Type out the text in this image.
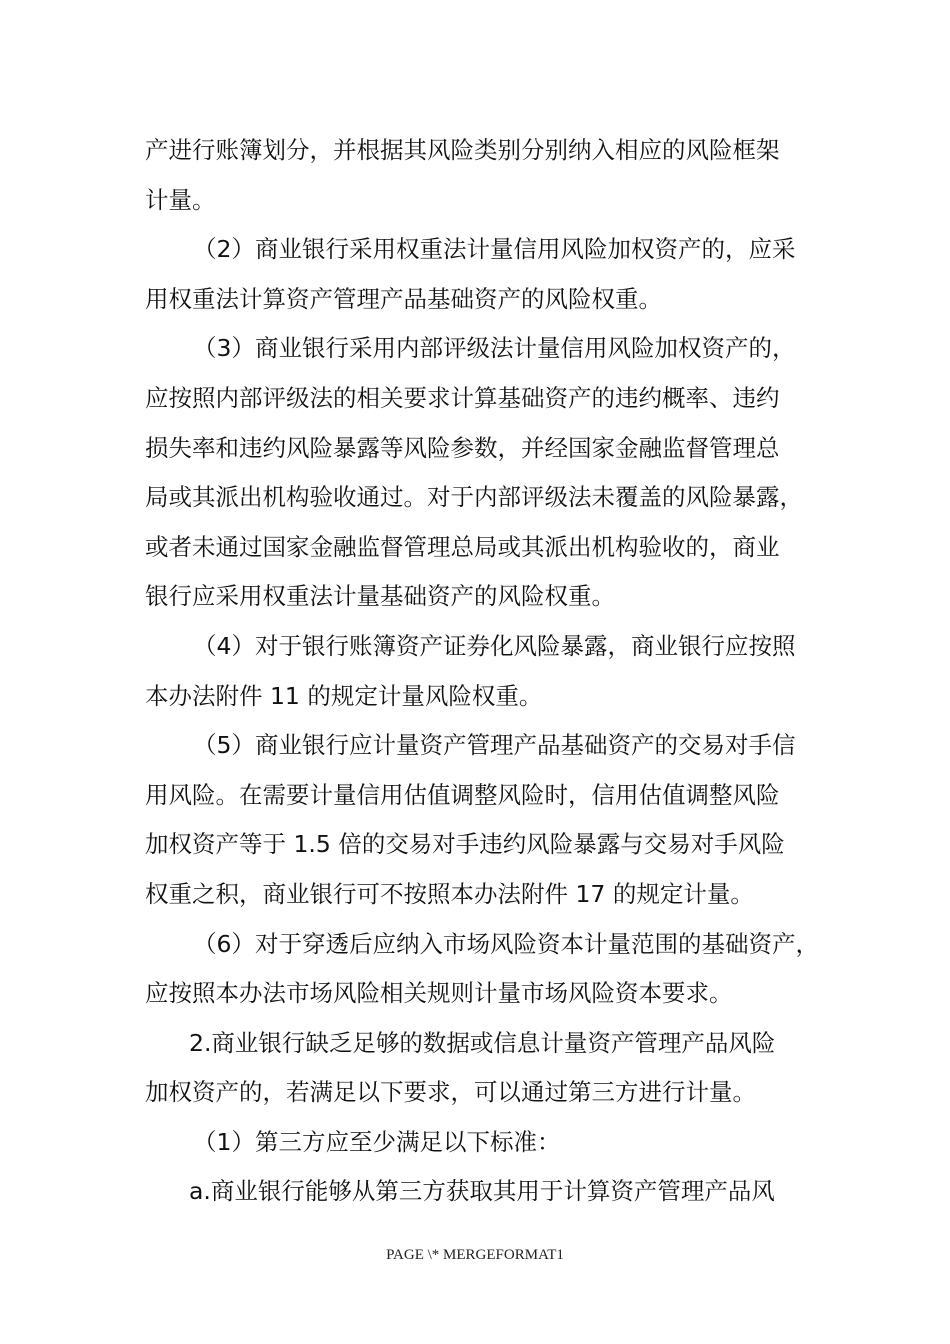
产进行账簿划分，并根据其风险类别分别纳入相应的风险框架
计量。
（2）商业银行采用权重法计量信用风险加权资产的，应采
用权重法计算资产管理产品基础资产的风险权重。
（3）商业银行采用内部评级法计量信用风险加权资产的，
应按照内部评级法的相关要求计算基础资产的违约概率、违约
损失率和违约风险暴露等风险参数，并经国家金融监督管理总
局或其派出机构验收通过。对于内部评级法未覆盖的风险暴露，
或者未通过国家金融监督管理总局或其派出机构验收的，商业
银行应采用权重法计量基础资产的风险权重。
（4）对于银行账簿资产证券化风险暴露，商业银行应按照
本办法附件 11 的规定计量风险权重。
（5）商业银行应计量资产管理产品基础资产的交易对手信
用风险。在需要计量信用估值调整风险时，信用估值调整风险
加权资产等于 1.5 倍的交易对手违约风险暴露与交易对手风险
权重之积，商业银行可不按照本办法附件 17 的规定计量。
（6）对于穿透后应纳入市场风险资本计量范围的基础资产，
应按照本办法市场风险相关规则计量市场风险资本要求。
2.商业银行缺乏足够的数据或信息计量资产管理产品风险
加权资产的，若满足以下要求，可以通过第三方进行计量。
（1）第三方应至少满足以下标准：
a.商业银行能够从第三方获取其用于计算资产管理产品风
PAGE \* MERGEFORMAT1
